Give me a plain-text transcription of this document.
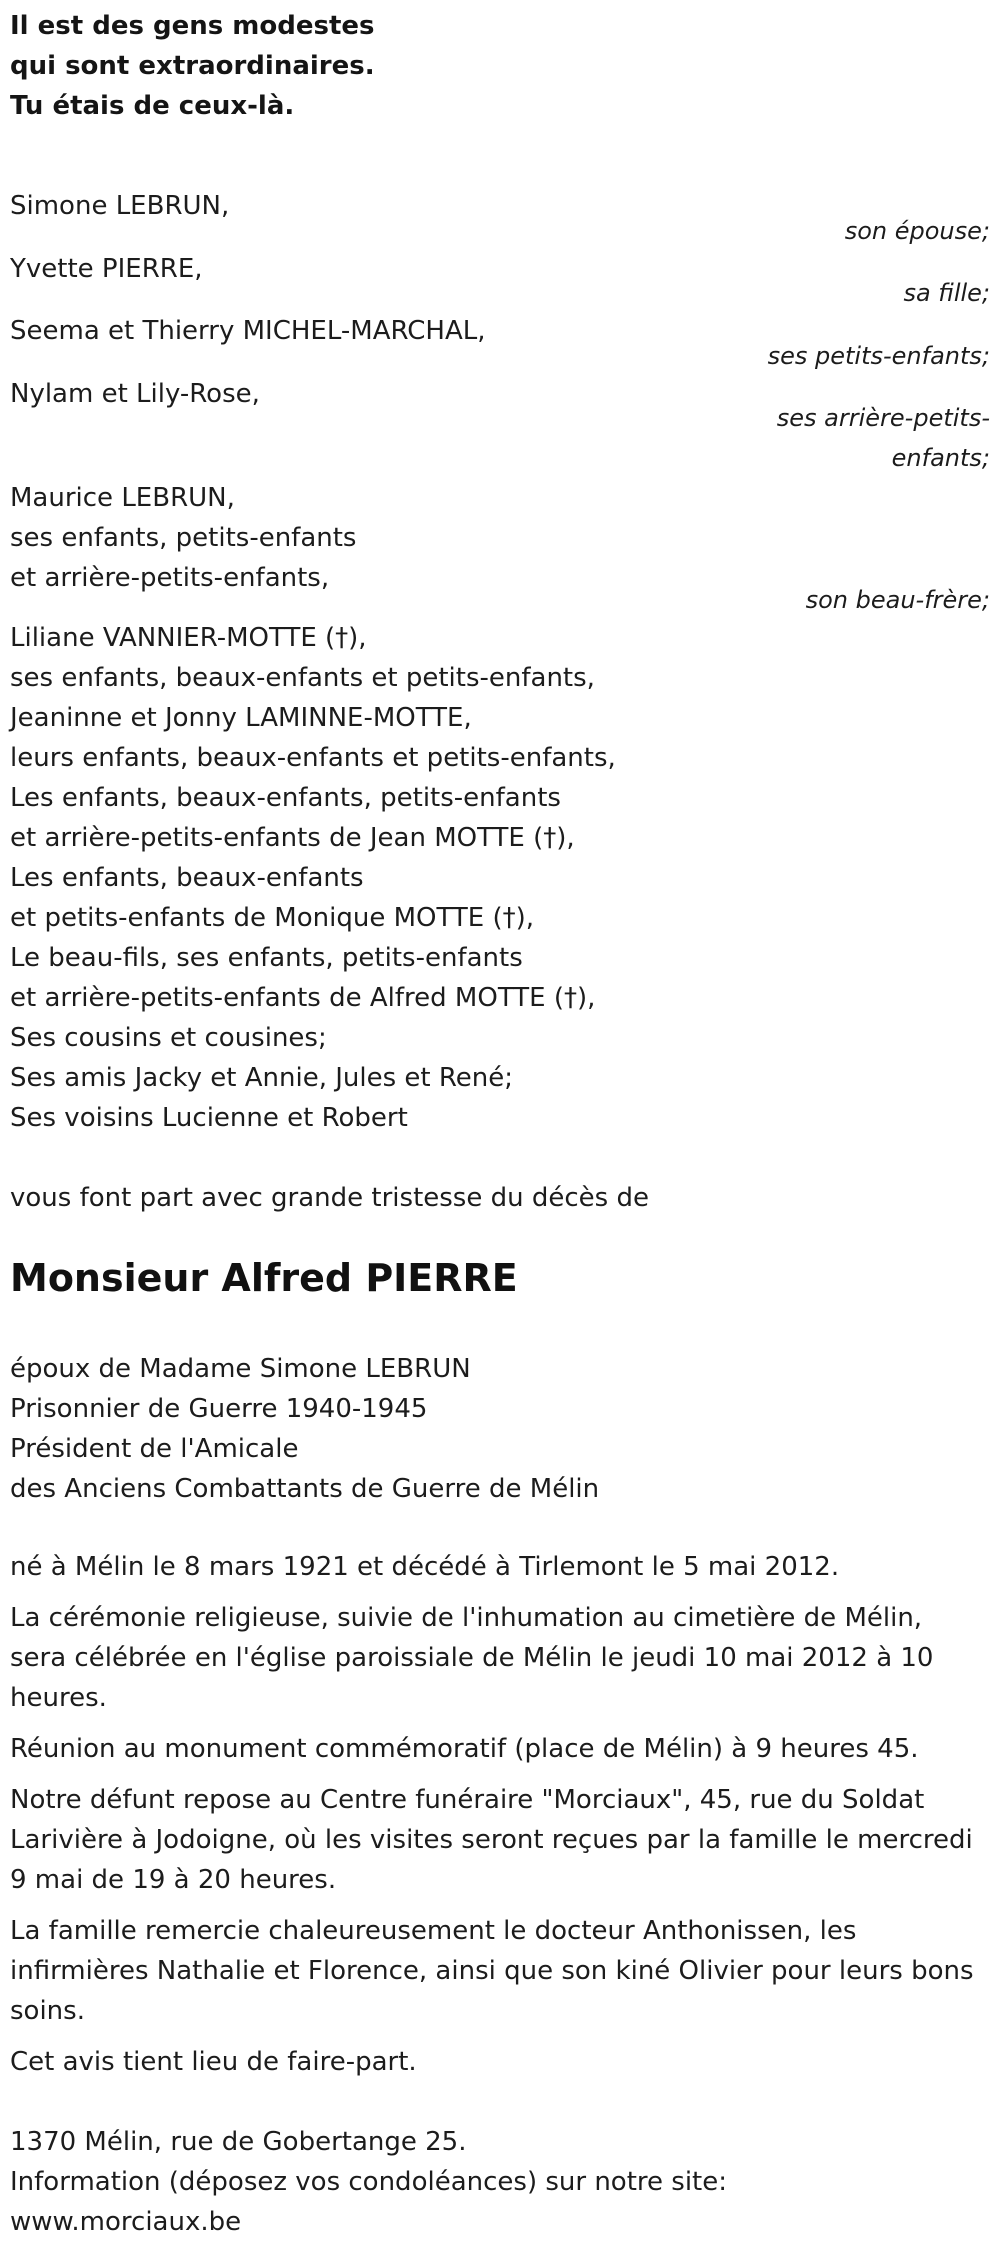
Il est des gens modestes
qui sont extraordinaires.
Tu étais de ceux-là.
Simone LEBRUN,
son épouse;
Yvette PIERRE,
sa fille;
Seema et Thierry MICHEL-MARCHAL,
ses petits-enfants;
Nylam et Lily-Rose,
ses arrière-petits-enfants;
Maurice LEBRUN,
ses enfants, petits-enfants
et arrière-petits-enfants,
son beau-frère;
Liliane VANNIER-MOTTE (†),
ses enfants, beaux-enfants et petits-enfants,
Jeaninne et Jonny LAMINNE-MOTTE,
leurs enfants, beaux-enfants et petits-enfants,
Les enfants, beaux-enfants, petits-enfants
et arrière-petits-enfants de Jean MOTTE (†),
Les enfants, beaux-enfants
et petits-enfants de Monique MOTTE (†),
Le beau-fils, ses enfants, petits-enfants
et arrière-petits-enfants de Alfred MOTTE (†),
Ses cousins et cousines;
Ses amis Jacky et Annie, Jules et René;
Ses voisins Lucienne et Robert
vous font part avec grande tristesse du décès de
Monsieur Alfred PIERRE
époux de Madame Simone LEBRUN
Prisonnier de Guerre 1940-1945
Président de l'Amicale
des Anciens Combattants de Guerre de Mélin
né à Mélin le 8 mars 1921 et décédé à Tirlemont le 5 mai 2012.
La cérémonie religieuse, suivie de l'inhumation au cimetière de Mélin, sera célébrée en l'église paroissiale de Mélin le jeudi 10 mai 2012 à 10 heures.
Réunion au monument commémoratif (place de Mélin) à 9 heures 45.
Notre défunt repose au Centre funéraire "Morciaux", 45, rue du Soldat Larivière à Jodoigne, où les visites seront reçues par la famille le mercredi 9 mai de 19 à 20 heures.
La famille remercie chaleureusement le docteur Anthonissen, les infirmières Nathalie et Florence, ainsi que son kiné Olivier pour leurs bons soins.
Cet avis tient lieu de faire-part.
1370 Mélin, rue de Gobertange 25.
Information (déposez vos condoléances) sur notre site:
www.morciaux.be
